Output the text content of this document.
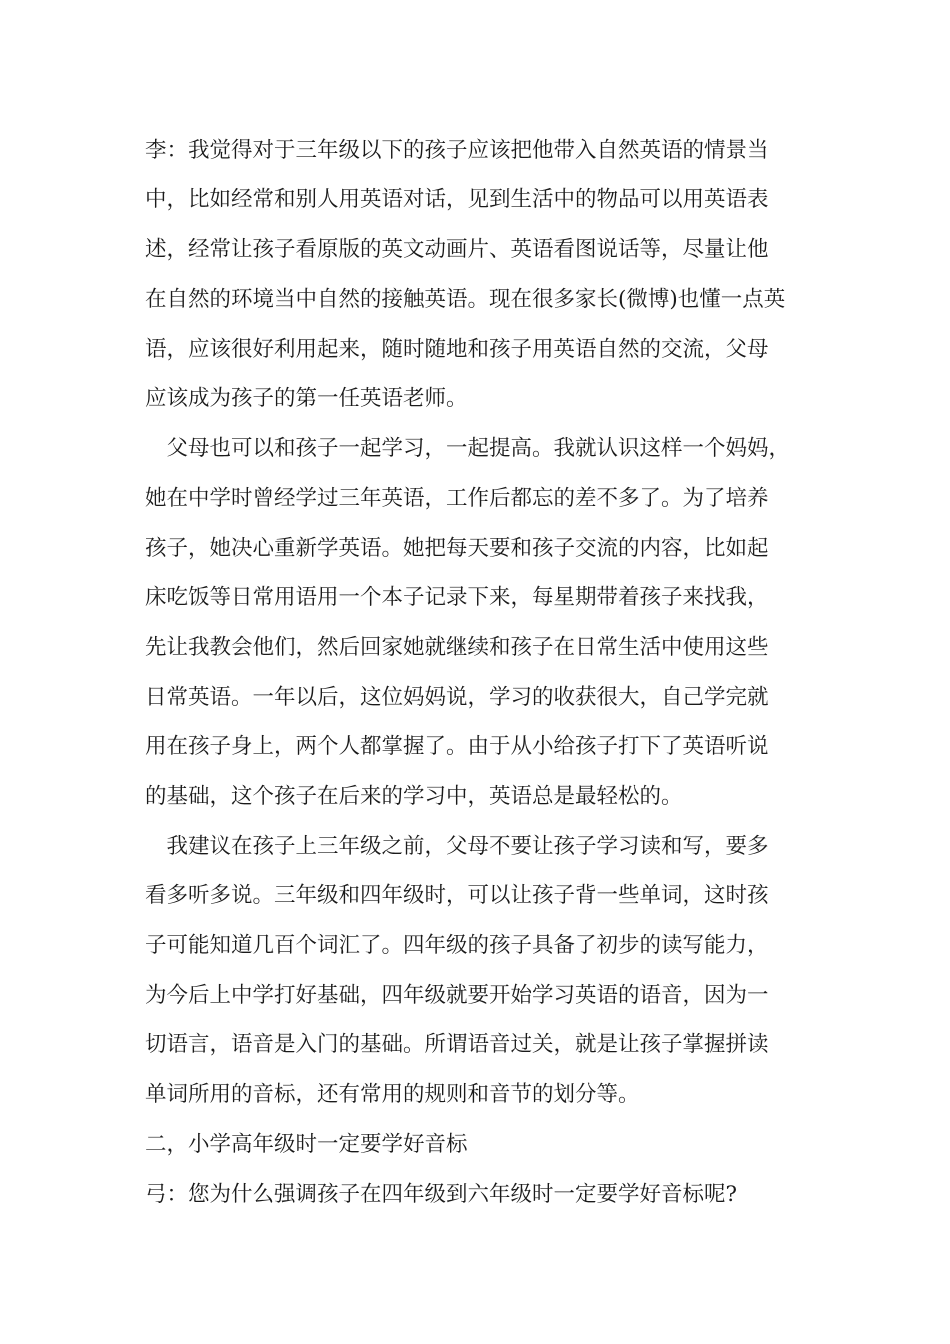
李：我觉得对于三年级以下的孩子应该把他带入自然英语的情景当
中，比如经常和别人用英语对话，见到生活中的物品可以用英语表
述，经常让孩子看原版的英文动画片、英语看图说话等，尽量让他
在自然的环境当中自然的接触英语。现在很多家长(微博)也懂一点英
语，应该很好利用起来，随时随地和孩子用英语自然的交流，父母
应该成为孩子的第一任英语老师。
　父母也可以和孩子一起学习，一起提高。我就认识这样一个妈妈，
她在中学时曾经学过三年英语，工作后都忘的差不多了。为了培养
孩子，她决心重新学英语。她把每天要和孩子交流的内容，比如起
床吃饭等日常用语用一个本子记录下来，每星期带着孩子来找我，
先让我教会他们，然后回家她就继续和孩子在日常生活中使用这些
日常英语。一年以后，这位妈妈说，学习的收获很大，自己学完就
用在孩子身上，两个人都掌握了。由于从小给孩子打下了英语听说
的基础，这个孩子在后来的学习中，英语总是最轻松的。
　我建议在孩子上三年级之前，父母不要让孩子学习读和写，要多
看多听多说。三年级和四年级时，可以让孩子背一些单词，这时孩
子可能知道几百个词汇了。四年级的孩子具备了初步的读写能力，
为今后上中学打好基础，四年级就要开始学习英语的语音，因为一
切语言，语音是入门的基础。所谓语音过关，就是让孩子掌握拼读
单词所用的音标，还有常用的规则和音节的划分等。
二，小学高年级时一定要学好音标
弓：您为什么强调孩子在四年级到六年级时一定要学好音标呢?
